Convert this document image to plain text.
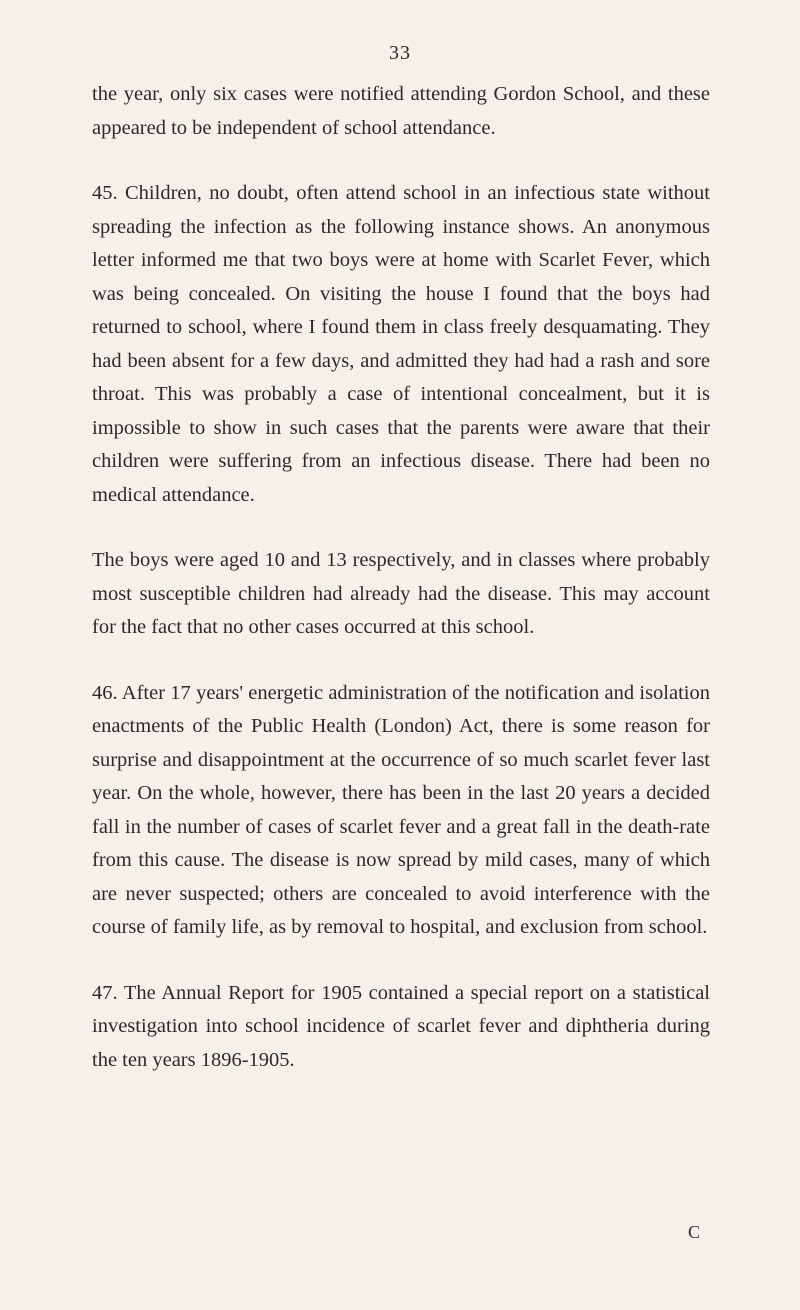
33

the year, only six cases were notified attending Gordon School, and these appeared to be independent of school attendance.

45. Children, no doubt, often attend school in an infectious state without spreading the infection as the following instance shows. An anonymous letter informed me that two boys were at home with Scarlet Fever, which was being concealed. On visiting the house I found that the boys had returned to school, where I found them in class freely desquamating. They had been absent for a few days, and admitted they had had a rash and sore throat. This was probably a case of intentional concealment, but it is impossible to show in such cases that the parents were aware that their children were suffering from an infectious disease. There had been no medical attendance.

The boys were aged 10 and 13 respectively, and in classes where probably most susceptible children had already had the disease. This may account for the fact that no other cases occurred at this school.

46. After 17 years' energetic administration of the notification and isolation enactments of the Public Health (London) Act, there is some reason for surprise and disappointment at the occurrence of so much scarlet fever last year. On the whole, however, there has been in the last 20 years a decided fall in the number of cases of scarlet fever and a great fall in the death-rate from this cause. The disease is now spread by mild cases, many of which are never suspected; others are concealed to avoid interference with the course of family life, as by removal to hospital, and exclusion from school.

47. The Annual Report for 1905 contained a special report on a statistical investigation into school incidence of scarlet fever and diphtheria during the ten years 1896-1905.

C
